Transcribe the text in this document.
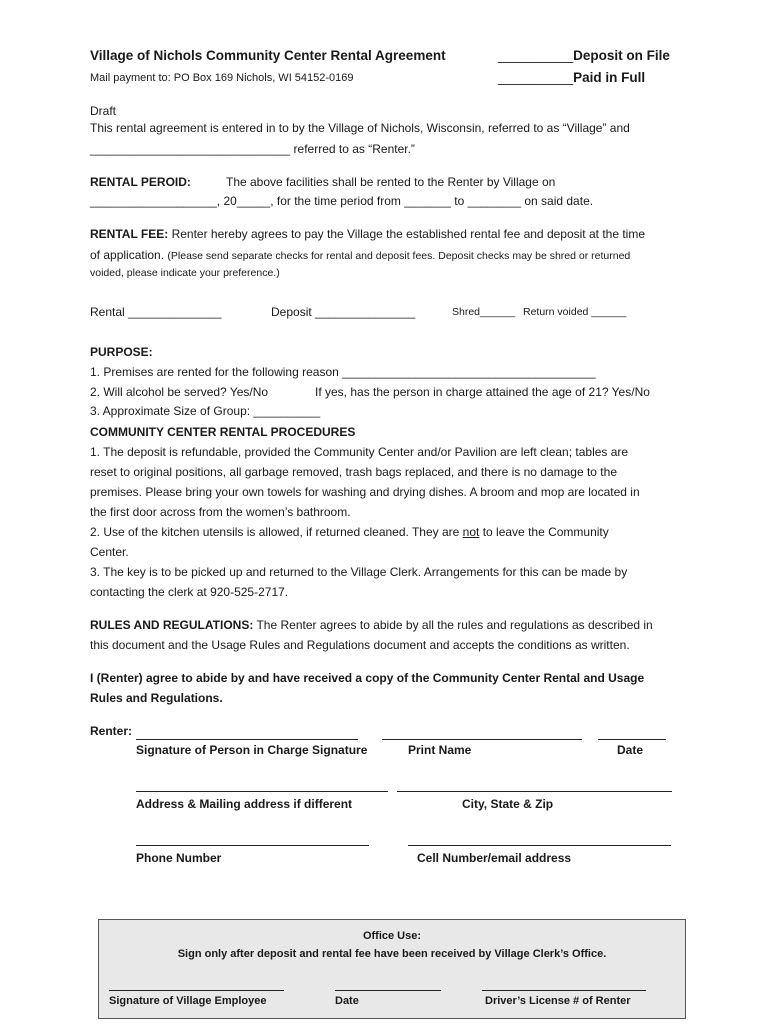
Village of Nichols Community Center Rental Agreement
Mail payment to: PO Box 169 Nichols, WI 54152-0169
__________Deposit on File
__________Paid in Full
Draft
This rental agreement is entered in to by the Village of Nichols, Wisconsin, referred to as “Village” and
______________________________ referred to as “Renter.”
RENTAL PEROID:	The above facilities shall be rented to the Renter by Village on
___________________, 20_____, for the time period from _______ to ________ on said date.
RENTAL FEE: Renter hereby agrees to pay the Village the established rental fee and deposit at the time
of application. (Please send separate checks for rental and deposit fees. Deposit checks may be shred or returned
voided, please indicate your preference.)
Rental ______________	Deposit _______________	Shred______ Return voided ______
PURPOSE:
1. Premises are rented for the following reason ______________________________________
2. Will alcohol be served? Yes/No	If yes, has the person in charge attained the age of 21? Yes/No
3. Approximate Size of Group: __________
COMMUNITY CENTER RENTAL PROCEDURES
1. The deposit is refundable, provided the Community Center and/or Pavilion are left clean; tables are
reset to original positions, all garbage removed, trash bags replaced, and there is no damage to the
premises. Please bring your own towels for washing and drying dishes. A broom and mop are located in
the first door across from the women’s bathroom.
2. Use of the kitchen utensils is allowed, if returned cleaned. They are not to leave the Community
Center.
3. The key is to be picked up and returned to the Village Clerk. Arrangements for this can be made by
contacting the clerk at 920-525-2717.
RULES AND REGULATIONS: The Renter agrees to abide by all the rules and regulations as described in
this document and the Usage Rules and Regulations document and accepts the conditions as written.
I (Renter) agree to abide by and have received a copy of the Community Center Rental and Usage
Rules and Regulations.
Renter:
Signature of Person in Charge Signature	Print Name	Date
Address & Mailing address if different	City, State & Zip
Phone Number	Cell Number/email address
Office Use:
Sign only after deposit and rental fee have been received by Village Clerk’s Office.
Signature of Village Employee	Date	Driver’s License # of Renter
